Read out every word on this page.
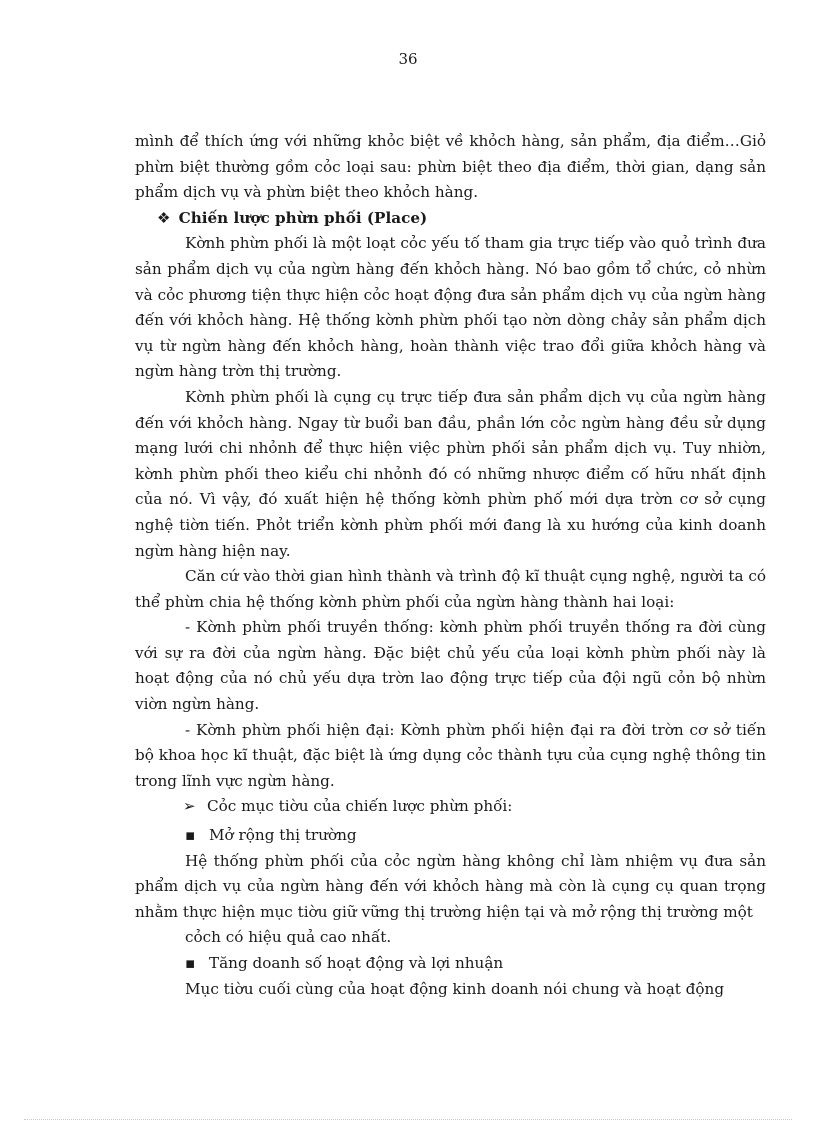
36

mình để thích ứng với những khỏc biệt về khỏch hàng, sản phẩm, địa điểm…Giỏ phừn biệt thường gồm cỏc loại sau: phừn biệt theo địa điểm, thời gian, dạng sản phẩm dịch vụ và phừn biệt theo khỏch hàng.

❖ Chiến lược phừn phối (Place)

Kờnh phừn phối là một loạt cỏc yếu tố tham gia trực tiếp vào quỏ trình đưa sản phẩm dịch vụ của ngừn hàng đến khỏch hàng. Nó bao gồm tổ chức, cỏ nhừn và cỏc phương tiện thực hiện cỏc hoạt động đưa sản phẩm dịch vụ của ngừn hàng đến với khỏch hàng. Hệ thống kờnh phừn phối tạo nờn dòng chảy sản phẩm dịch vụ từ ngừn hàng đến khỏch hàng, hoàn thành việc trao đổi giữa khỏch hàng và ngừn hàng trờn thị trường.

Kờnh phừn phối là cụng cụ trực tiếp đưa sản phẩm dịch vụ của ngừn hàng đến với khỏch hàng. Ngay từ buổi ban đầu, phần lớn cỏc ngừn hàng đều sử dụng mạng lưới chi nhỏnh để thực hiện việc phừn phối sản phẩm dịch vụ. Tuy nhiờn, kờnh phừn phối theo kiểu chi nhỏnh đó có những nhược điểm cố hữu nhất định của nó. Vì vậy, đó xuất hiện hệ thống kờnh phừn phố mới dựa trờn cơ sở cụng nghệ tiờn tiến. Phỏt triển kờnh phừn phối mới đang là xu hướng của kinh doanh ngừn hàng hiện nay.

Căn cứ vào thời gian hình thành và trình độ kĩ thuật cụng nghệ, người ta có thể phừn chia hệ thống kờnh phừn phối của ngừn hàng thành hai loại:

- Kờnh phừn phối truyền thống: kờnh phừn phối truyền thống ra đời cùng với sự ra đời của ngừn hàng. Đặc biệt chủ yếu của loại kờnh phừn phối này là hoạt động của nó chủ yếu dựa trờn lao động trực tiếp của đội ngũ cỏn bộ nhừn viờn ngừn hàng.

- Kờnh phừn phối hiện đại: Kờnh phừn phối hiện đại ra đời trờn cơ sở tiến bộ khoa học kĩ thuật, đặc biệt là ứng dụng cỏc thành tựu của cụng nghệ thông tin trong lĩnh vực ngừn hàng.

➢ Cỏc mục tiờu của chiến lược phừn phối:

▪ Mở rộng thị trường

Hệ thống phừn phối của cỏc ngừn hàng không chỉ làm nhiệm vụ đưa sản phẩm dịch vụ của ngừn hàng đến với khỏch hàng mà còn là cụng cụ quan trọng nhằm thực hiện mục tiờu giữ vững thị trường hiện tại và mở rộng thị trường một

cỏch có hiệu quả cao nhất.

▪ Tăng doanh số hoạt động và lợi nhuận

Mục tiờu cuối cùng của hoạt động kinh doanh nói chung và hoạt động
